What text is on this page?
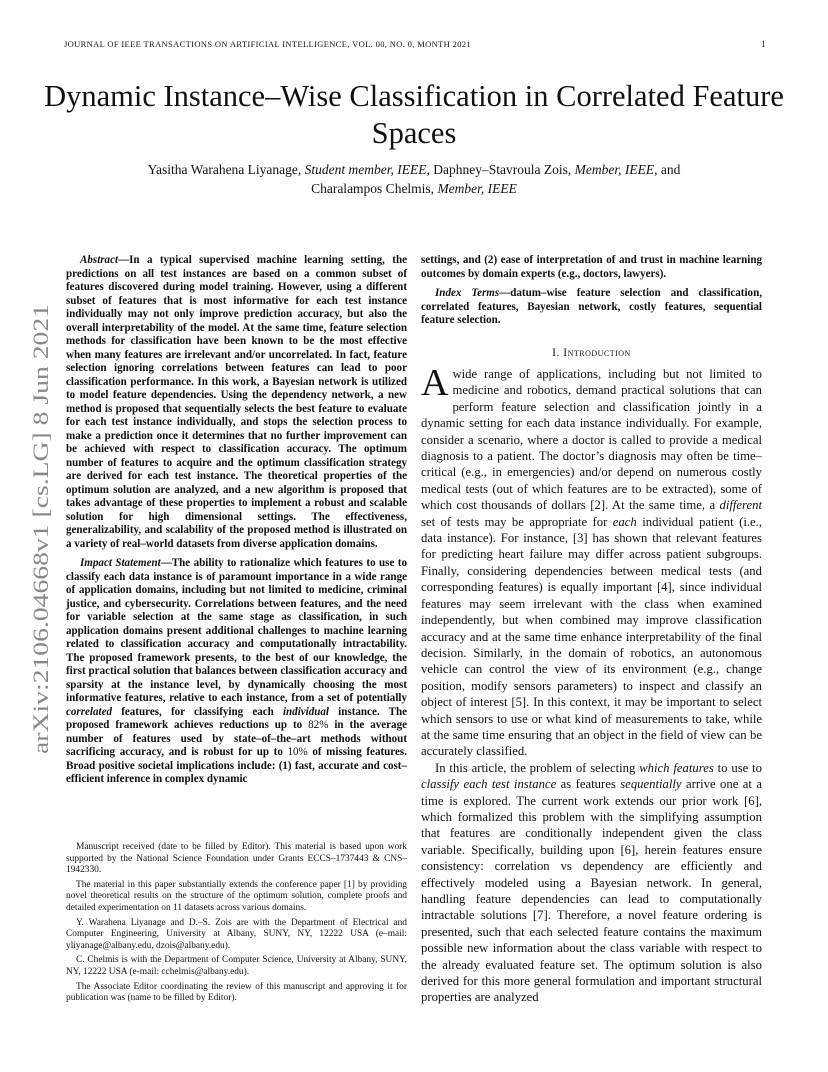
JOURNAL OF IEEE TRANSACTIONS ON ARTIFICIAL INTELLIGENCE, VOL. 00, NO. 0, MONTH 2021	1
Dynamic Instance–Wise Classification in Correlated Feature Spaces
Yasitha Warahena Liyanage, Student member, IEEE, Daphney–Stavroula Zois, Member, IEEE, and
Charalampos Chelmis, Member, IEEE
arXiv:2106.04668v1 [cs.LG] 8 Jun 2021

Abstract—In a typical supervised machine learning setting, the predictions on all test instances are based on a common subset of features discovered during model training. However, using a different subset of features that is most informative for each test instance individually may not only improve prediction accuracy, but also the overall interpretability of the model. At the same time, feature selection methods for classification have been known to be the most effective when many features are irrelevant and/or uncorrelated. In fact, feature selection ignoring correlations between features can lead to poor classification performance. In this work, a Bayesian network is utilized to model feature dependencies. Using the dependency network, a new method is proposed that sequentially selects the best feature to evaluate for each test instance individually, and stops the selection process to make a prediction once it determines that no further improvement can be achieved with respect to classification accuracy. The optimum number of features to acquire and the optimum classification strategy are derived for each test instance. The theoretical properties of the optimum solution are analyzed, and a new algorithm is proposed that takes advantage of these properties to implement a robust and scalable solution for high dimensional settings. The effectiveness, generalizability, and scalability of the proposed method is illustrated on a variety of real–world datasets from diverse application domains.

Impact Statement—The ability to rationalize which features to use to classify each data instance is of paramount importance in a wide range of application domains, including but not limited to medicine, criminal justice, and cybersecurity. Correlations between features, and the need for variable selection at the same stage as classification, in such application domains present additional challenges to machine learning related to classification accuracy and computationally intractability. The proposed framework presents, to the best of our knowledge, the first practical solution that balances between classification accuracy and sparsity at the instance level, by dynamically choosing the most informative features, relative to each instance, from a set of potentially correlated features, for classifying each individual instance. The proposed framework achieves reductions up to 82% in the average number of features used by state–of–the–art methods without sacrificing accuracy, and is robust for up to 10% of missing features. Broad positive societal implications include: (1) fast, accurate and cost–efficient inference in complex dynamic

Manuscript received (date to be filled by Editor). This material is based upon work supported by the National Science Foundation under Grants ECCS–1737443 & CNS–1942330.

The material in this paper substantially extends the conference paper [1] by providing novel theoretical results on the structure of the optimum solution, complete proofs and detailed experimentation on 11 datasets across various domains.

Y. Warahena Liyanage and D.–S. Zois are with the Department of Electrical and Computer Engineering, University at Albany, SUNY, NY, 12222 USA (e–mail: yliyanage@albany.edu, dzois@albany.edu).

C. Chelmis is with the Department of Computer Science, University at Albany, SUNY, NY, 12222 USA (e-mail: cchelmis@albany.edu).

The Associate Editor coordinating the review of this manuscript and approving it for publication was (name to be filled by Editor).

settings, and (2) ease of interpretation of and trust in machine learning outcomes by domain experts (e.g., doctors, lawyers).

Index Terms—datum–wise feature selection and classification, correlated features, Bayesian network, costly features, sequential feature selection.

I. Introduction

A wide range of applications, including but not limited to medicine and robotics, demand practical solutions that can perform feature selection and classification jointly in a dynamic setting for each data instance individually. For example, consider a scenario, where a doctor is called to provide a medical diagnosis to a patient. The doctor’s diagnosis may often be time–critical (e.g., in emergencies) and/or depend on numerous costly medical tests (out of which features are to be extracted), some of which cost thousands of dollars [2]. At the same time, a different set of tests may be appropriate for each individual patient (i.e., data instance). For instance, [3] has shown that relevant features for predicting heart failure may differ across patient subgroups. Finally, considering dependencies between medical tests (and corresponding features) is equally important [4], since individual features may seem irrelevant with the class when examined independently, but when combined may improve classification accuracy and at the same time enhance interpretability of the final decision. Similarly, in the domain of robotics, an autonomous vehicle can control the view of its environment (e.g., change position, modify sensors parameters) to inspect and classify an object of interest [5]. In this context, it may be important to select which sensors to use or what kind of measurements to take, while at the same time ensuring that an object in the field of view can be accurately classified.

In this article, the problem of selecting which features to use to classify each test instance as features sequentially arrive one at a time is explored. The current work extends our prior work [6], which formalized this problem with the simplifying assumption that features are conditionally independent given the class variable. Specifically, building upon [6], herein features ensure consistency: correlation vs dependency are efficiently and effectively modeled using a Bayesian network. In general, handling feature dependencies can lead to computationally intractable solutions [7]. Therefore, a novel feature ordering is presented, such that each selected feature contains the maximum possible new information about the class variable with respect to the already evaluated feature set. The optimum solution is also derived for this more general formulation and important structural properties are analyzed
